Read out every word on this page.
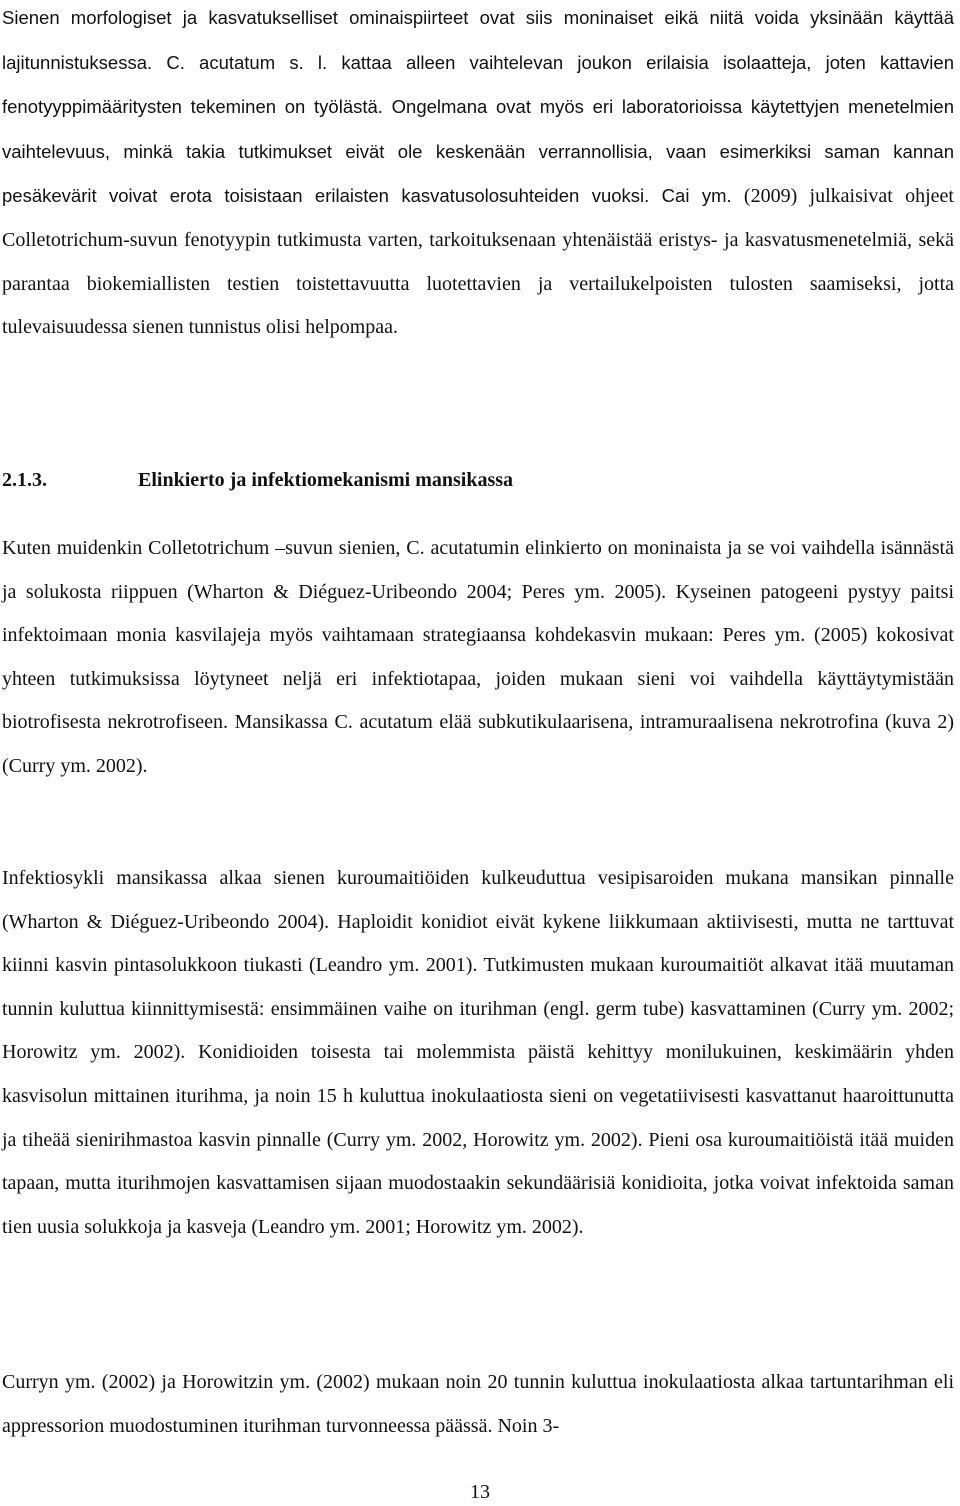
Sienen morfologiset ja kasvatukselliset ominaispiirteet ovat siis moninaiset eikä niitä voida yksinään käyttää lajitunnistuksessa. C. acutatum s. l. kattaa alleen vaihtelevan joukon erilaisia isolaatteja, joten kattavien fenotyyppimääritysten tekeminen on työlästä. Ongelmana ovat myös eri laboratorioissa käytettyjen menetelmien vaihtelevuus, minkä takia tutkimukset eivät ole keskenään verrannollisia, vaan esimerkiksi saman kannan pesäkevärit voivat erota toisistaan erilaisten kasvatusolosuhteiden vuoksi. Cai ym. (2009) julkaisivat ohjeet Colletotrichum-suvun fenotyypin tutkimusta varten, tarkoituksenaan yhtenäistää eristys- ja kasvatusmenetelmiä, sekä parantaa biokemiallisten testien toistettavuutta luotettavien ja vertailukelpoisten tulosten saamiseksi, jotta tulevaisuudessa sienen tunnistus olisi helpompaa.

2.1.3.	Elinkierto ja infektiomekanismi mansikassa

Kuten muidenkin Colletotrichum –suvun sienien, C. acutatumin elinkierto on moninaista ja se voi vaihdella isännästä ja solukosta riippuen (Wharton & Diéguez-Uribeondo 2004; Peres ym. 2005). Kyseinen patogeeni pystyy paitsi infektoimaan monia kasvilajeja myös vaihtamaan strategiaansa kohdekasvin mukaan: Peres ym. (2005) kokosivat yhteen tutkimuksissa löytyneet neljä eri infektiotapaa, joiden mukaan sieni voi vaihdella käyttäytymistään biotrofisesta nekrotrofiseen. Mansikassa C. acutatum elää subkutikulaarisena, intramuraalisena nekrotrofina (kuva 2) (Curry ym. 2002).

Infektiosykli mansikassa alkaa sienen kuroumaitiöiden kulkeuduttua vesipisaroiden mukana mansikan pinnalle (Wharton & Diéguez-Uribeondo 2004). Haploidit konidiot eivät kykene liikkumaan aktiivisesti, mutta ne tarttuvat kiinni kasvin pintasolukkoon tiukasti (Leandro ym. 2001). Tutkimusten mukaan kuroumaitiöt alkavat itää muutaman tunnin kuluttua kiinnittymisestä: ensimmäinen vaihe on iturihman (engl. germ tube) kasvattaminen (Curry ym. 2002; Horowitz ym. 2002). Konidioiden toisesta tai molemmista päistä kehittyy monilukuinen, keskimäärin yhden kasvisolun mittainen iturihma, ja noin 15 h kuluttua inokulaatiosta sieni on vegetatiivisesti kasvattanut haaroittunutta ja tiheää sienirihmastoa kasvin pinnalle (Curry ym. 2002, Horowitz ym. 2002). Pieni osa kuroumaitiöistä itää muiden tapaan, mutta iturihmojen kasvattamisen sijaan muodostaakin sekundäärisiä konidioita, jotka voivat infektoida saman tien uusia solukkoja ja kasveja (Leandro ym. 2001; Horowitz ym. 2002).

Curryn ym. (2002) ja Horowitzin ym. (2002) mukaan noin 20 tunnin kuluttua inokulaatiosta alkaa tartuntarihman eli appressorion muodostuminen iturihman turvonneessa päässä. Noin 3-

13
